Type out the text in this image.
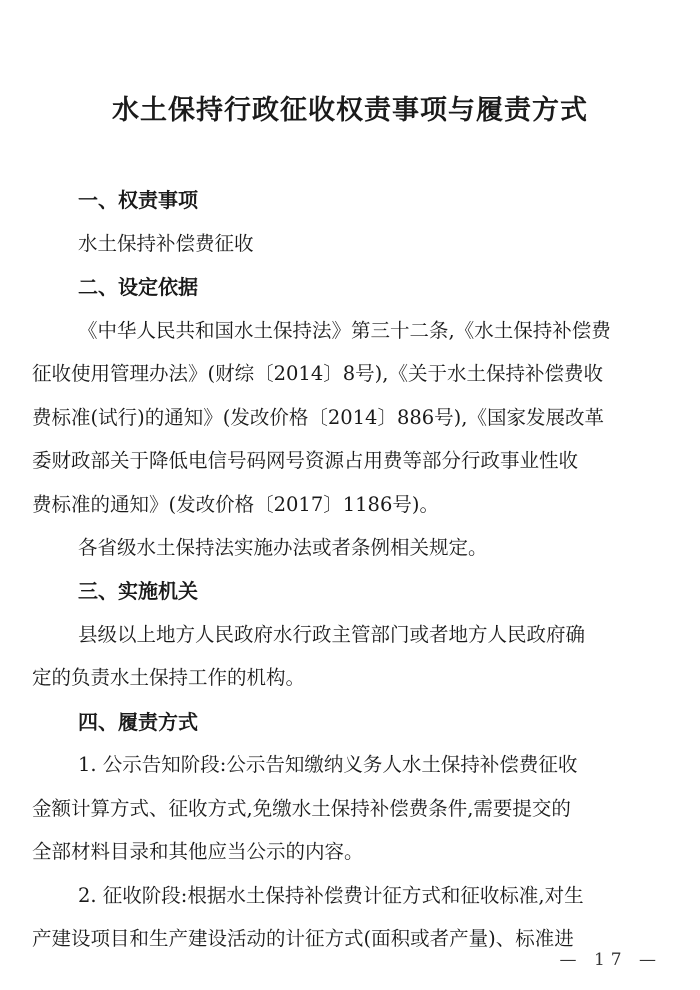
水土保持行政征收权责事项与履责方式
一、权责事项
水土保持补偿费征收
二、设定依据
《中华人民共和国水土保持法》第三十二条,《水土保持补偿费
征收使用管理办法》(财综〔2014〕8号),《关于水土保持补偿费收
费标准(试行)的通知》(发改价格〔2014〕886号),《国家发展改革
委财政部关于降低电信号码网号资源占用费等部分行政事业性收
费标准的通知》(发改价格〔2017〕1186号)。
各省级水土保持法实施办法或者条例相关规定。
三、实施机关
县级以上地方人民政府水行政主管部门或者地方人民政府确
定的负责水土保持工作的机构。
四、履责方式
1. 公示告知阶段:公示告知缴纳义务人水土保持补偿费征收
金额计算方式、征收方式,免缴水土保持补偿费条件,需要提交的
全部材料目录和其他应当公示的内容。
2. 征收阶段:根据水土保持补偿费计征方式和征收标准,对生
产建设项目和生产建设活动的计征方式(面积或者产量)、标准进
— 17 —
